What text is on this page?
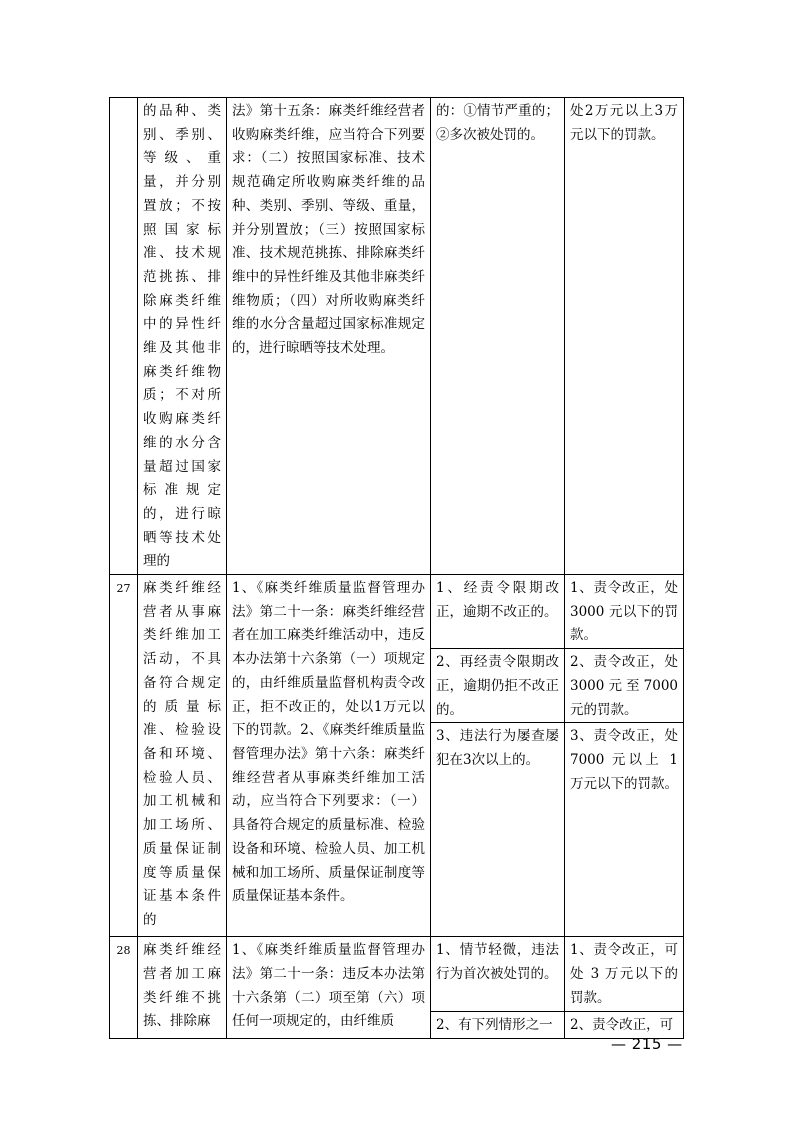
	的品种、类别、季别、等级、重量，并分别置放；不按照国家标准、技术规范挑拣、排除麻类纤维中的异性纤维及其他非麻类纤维物质；不对所收购麻类纤维的水分含量超过国家标准规定的，进行晾晒等技术处理的	法》第十五条：麻类纤维经营者收购麻类纤维，应当符合下列要求：（二）按照国家标准、技术规范确定所收购麻类纤维的品种、类别、季别、等级、重量，并分别置放；（三）按照国家标准、技术规范挑拣、排除麻类纤维中的异性纤维及其他非麻类纤维物质；（四）对所收购麻类纤维的水分含量超过国家标准规定的，进行晾晒等技术处理。	的：①情节严重的；②多次被处罚的。	处2万元以上3万元以下的罚款。
27	麻类纤维经营者从事麻类纤维加工活动，不具备符合规定的质量标准、检验设备和环境、检验人员、加工机械和加工场所、质量保证制度等质量保证基本条件的	1、《麻类纤维质量监督管理办法》第二十一条：麻类纤维经营者在加工麻类纤维活动中，违反本办法第十六条第（一）项规定的，由纤维质量监督机构责令改正，拒不改正的，处以1万元以下的罚款。2、《麻类纤维质量监督管理办法》第十六条：麻类纤维经营者从事麻类纤维加工活动，应当符合下列要求：（一）具备符合规定的质量标准、检验设备和环境、检验人员、加工机械和加工场所、质量保证制度等质量保证基本条件。	1、经责令限期改正，逾期不改正的。	1、责令改正，处3000 元以下的罚款。
			2、再经责令限期改正，逾期仍拒不改正的。	2、责令改正，处3000元至7000元的罚款。
			3、违法行为屡查屡犯在3次以上的。	3、责令改正，处7000 元以上 1 万元以下的罚款。
28	麻类纤维经营者加工麻类纤维不挑拣、排除麻	1、《麻类纤维质量监督管理办法》第二十一条：违反本办法第十六条第（二）项至第（六）项任何一项规定的，由纤维质	1、情节轻微，违法行为首次被处罚的。	1、责令改正，可处 3 万元以下的罚款。
			2、有下列情形之一	2、责令改正，可
— 215 —
